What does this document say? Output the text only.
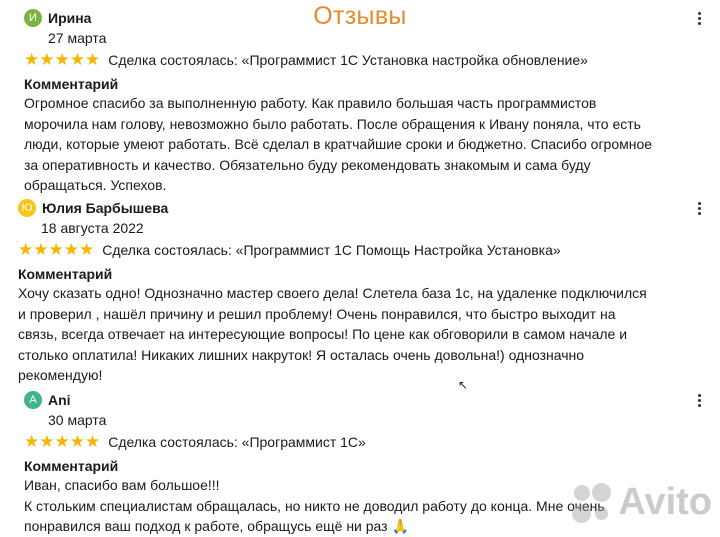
Отзывы
И Ирина
27 марта
★★★★★ Сделка состоялась: «Программист 1С Установка настройка обновление»
Комментарий
Огромное спасибо за выполненную работу. Как правило большая часть программистов
морочила нам голову, невозможно было работать. После обращения к Ивану поняла, что есть
люди, которые умеют работать. Всё сделал в кратчайшие сроки и бюджетно. Спасибо огромное
за оперативность и качество. Обязательно буду рекомендовать знакомым и сама буду
обращаться. Успехов.
Ю Юлия Барбышева
18 августа 2022
★★★★★ Сделка состоялась: «Программист 1С Помощь Настройка Установка»
Комментарий
Хочу сказать одно! Однозначно мастер своего дела! Слетела база 1с, на удаленке подключился
и проверил , нашёл причину и решил проблему! Очень понравился, что быстро выходит на
связь, всегда отвечает на интересующие вопросы! По цене как обговорили в самом начале и
столько оплатила! Никаких лишних накруток! Я осталась очень довольна!) однозначно
рекомендую!
↖
A Ani
30 марта
★★★★★ Сделка состоялась: «Программист 1С»
Комментарий
Иван, спасибо вам большое!!!
К стольким специалистам обращалась, но никто не доводил работу до конца. Мне очень
понравился ваш подход к работе, обращусь ещё ни раз 🙏
Avito
